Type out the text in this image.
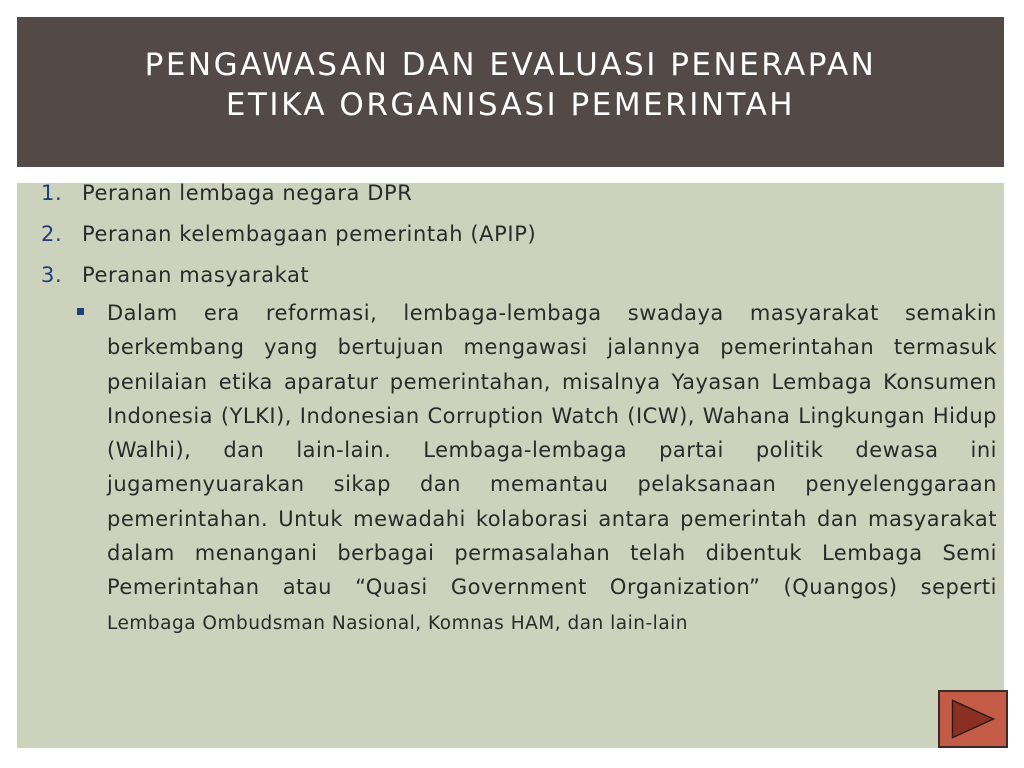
PENGAWASAN DAN EVALUASI PENERAPAN
ETIKA ORGANISASI PEMERINTAH
1. Peranan lembaga negara DPR
2. Peranan kelembagaan pemerintah (APIP)
3. Peranan masyarakat

Dalam era reformasi, lembaga-lembaga swadaya masyarakat semakin berkembang yang bertujuan mengawasi jalannya pemerintahan termasuk penilaian etika aparatur pemerintahan, misalnya Yayasan Lembaga Konsumen Indonesia (YLKI), Indonesian Corruption Watch (ICW), Wahana Lingkungan Hidup (Walhi), dan lain-lain. Lembaga-lembaga partai politik dewasa ini jugamenyuarakan sikap dan memantau pelaksanaan penyelenggaraan pemerintahan. Untuk mewadahi kolaborasi antara pemerintah dan masyarakat dalam menangani berbagai permasalahan telah dibentuk Lembaga Semi Pemerintahan atau “Quasi Government Organization” (Quangos) seperti Lembaga Ombudsman Nasional, Komnas HAM, dan lain-lain
